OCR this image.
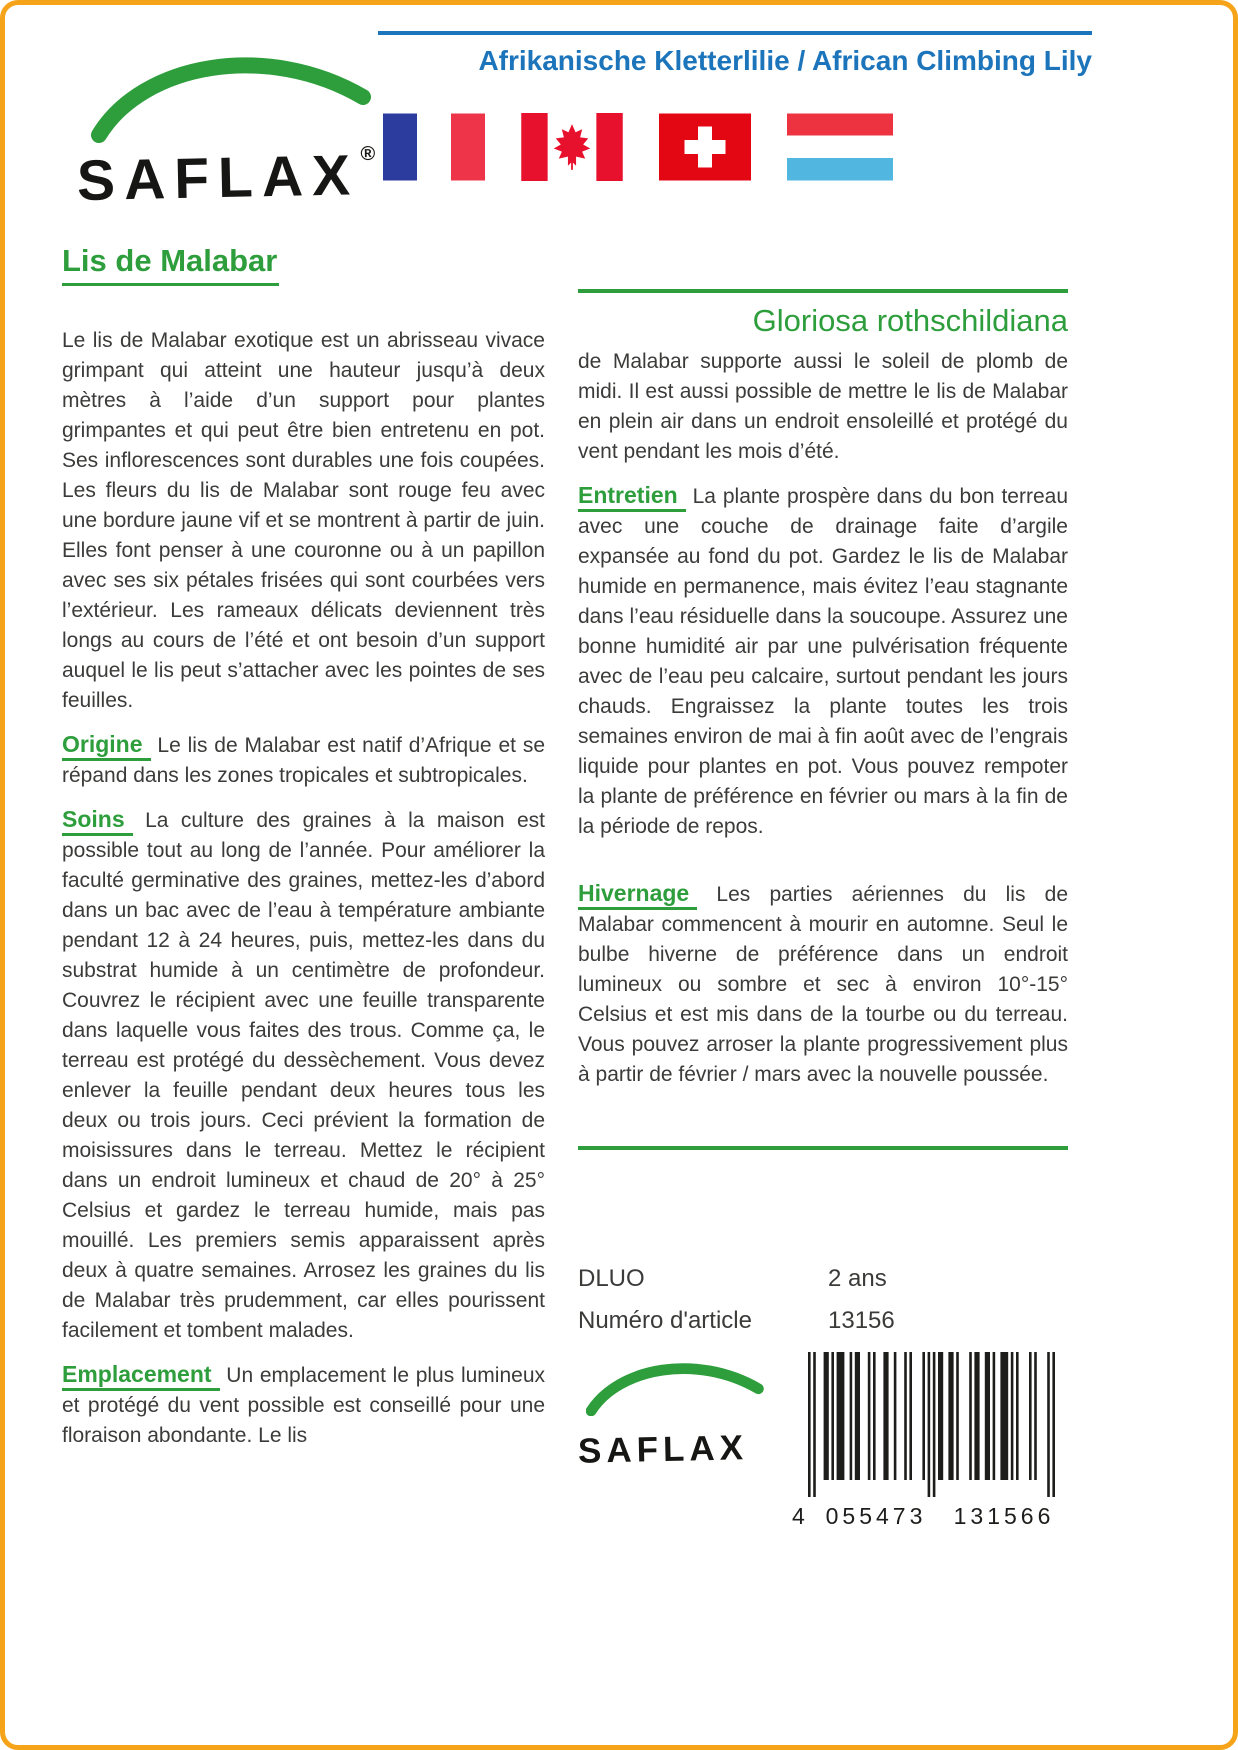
SAFLAX®
Afrikanische Kletterlilie / African Climbing Lily
Lis de Malabar

Le lis de Malabar exotique est un abrisseau vivace grimpant qui atteint une hauteur jusqu’à deux mètres à l’aide d’un support pour plantes grimpantes et qui peut être bien entretenu en pot. Ses inflorescences sont durables une fois coupées. Les fleurs du lis de Malabar sont rouge feu avec une bordure jaune vif et se montrent à partir de juin. Elles font penser à une couronne ou à un papillon avec ses six pétales frisées qui sont courbées vers l’extérieur. Les rameaux délicats deviennent très longs au cours de l’été et ont besoin d’un support auquel le lis peut s’attacher avec les pointes de ses feuilles.

Origine Le lis de Malabar est natif d’Afrique et se répand dans les zones tropicales et subtropicales.

Soins La culture des graines à la maison est possible tout au long de l’année. Pour améliorer la faculté germinative des graines, mettez-les d’abord dans un bac avec de l’eau à température ambiante pendant 12 à 24 heures, puis, mettez-les dans du substrat humide à un centimètre de profondeur. Couvrez le récipient avec une feuille transparente dans laquelle vous faites des trous. Comme ça, le terreau est protégé du dessèchement. Vous devez enlever la feuille pendant deux heures tous les deux ou trois jours. Ceci prévient la formation de moisissures dans le terreau. Mettez le récipient dans un endroit lumineux et chaud de 20° à 25° Celsius et gardez le terreau humide, mais pas mouillé. Les premiers semis apparaissent après deux à quatre semaines. Arrosez les graines du lis de Malabar très prudemment, car elles pourissent facilement et tombent malades.

Emplacement Un emplacement le plus lumineux et protégé du vent possible est conseillé pour une floraison abondante. Le lis

Gloriosa rothschildiana

de Malabar supporte aussi le soleil de plomb de midi. Il est aussi possible de mettre le lis de Malabar en plein air dans un endroit ensoleillé et protégé du vent pendant les mois d’été.

Entretien La plante prospère dans du bon terreau avec une couche de drainage faite d’argile expansée au fond du pot. Gardez le lis de Malabar humide en permanence, mais évitez l’eau stagnante dans l’eau résiduelle dans la soucoupe. Assurez une bonne humidité air par une pulvérisation fréquente avec de l’eau peu calcaire, surtout pendant les jours chauds. Engraissez la plante toutes les trois semaines environ de mai à fin août avec de l’engrais liquide pour plantes en pot. Vous pouvez rempoter la plante de préférence en février ou mars à la fin de la période de repos.

Hivernage Les parties aériennes du lis de Malabar commencent à mourir en automne. Seul le bulbe hiverne de préférence dans un endroit lumineux ou sombre et sec à environ 10°-15° Celsius et est mis dans de la tourbe ou du terreau. Vous pouvez arroser la plante progressivement plus à partir de février / mars avec la nouvelle poussée.

DLUO	2 ans
Numéro d'article	13156
SAFLAX
4 055473	131566
